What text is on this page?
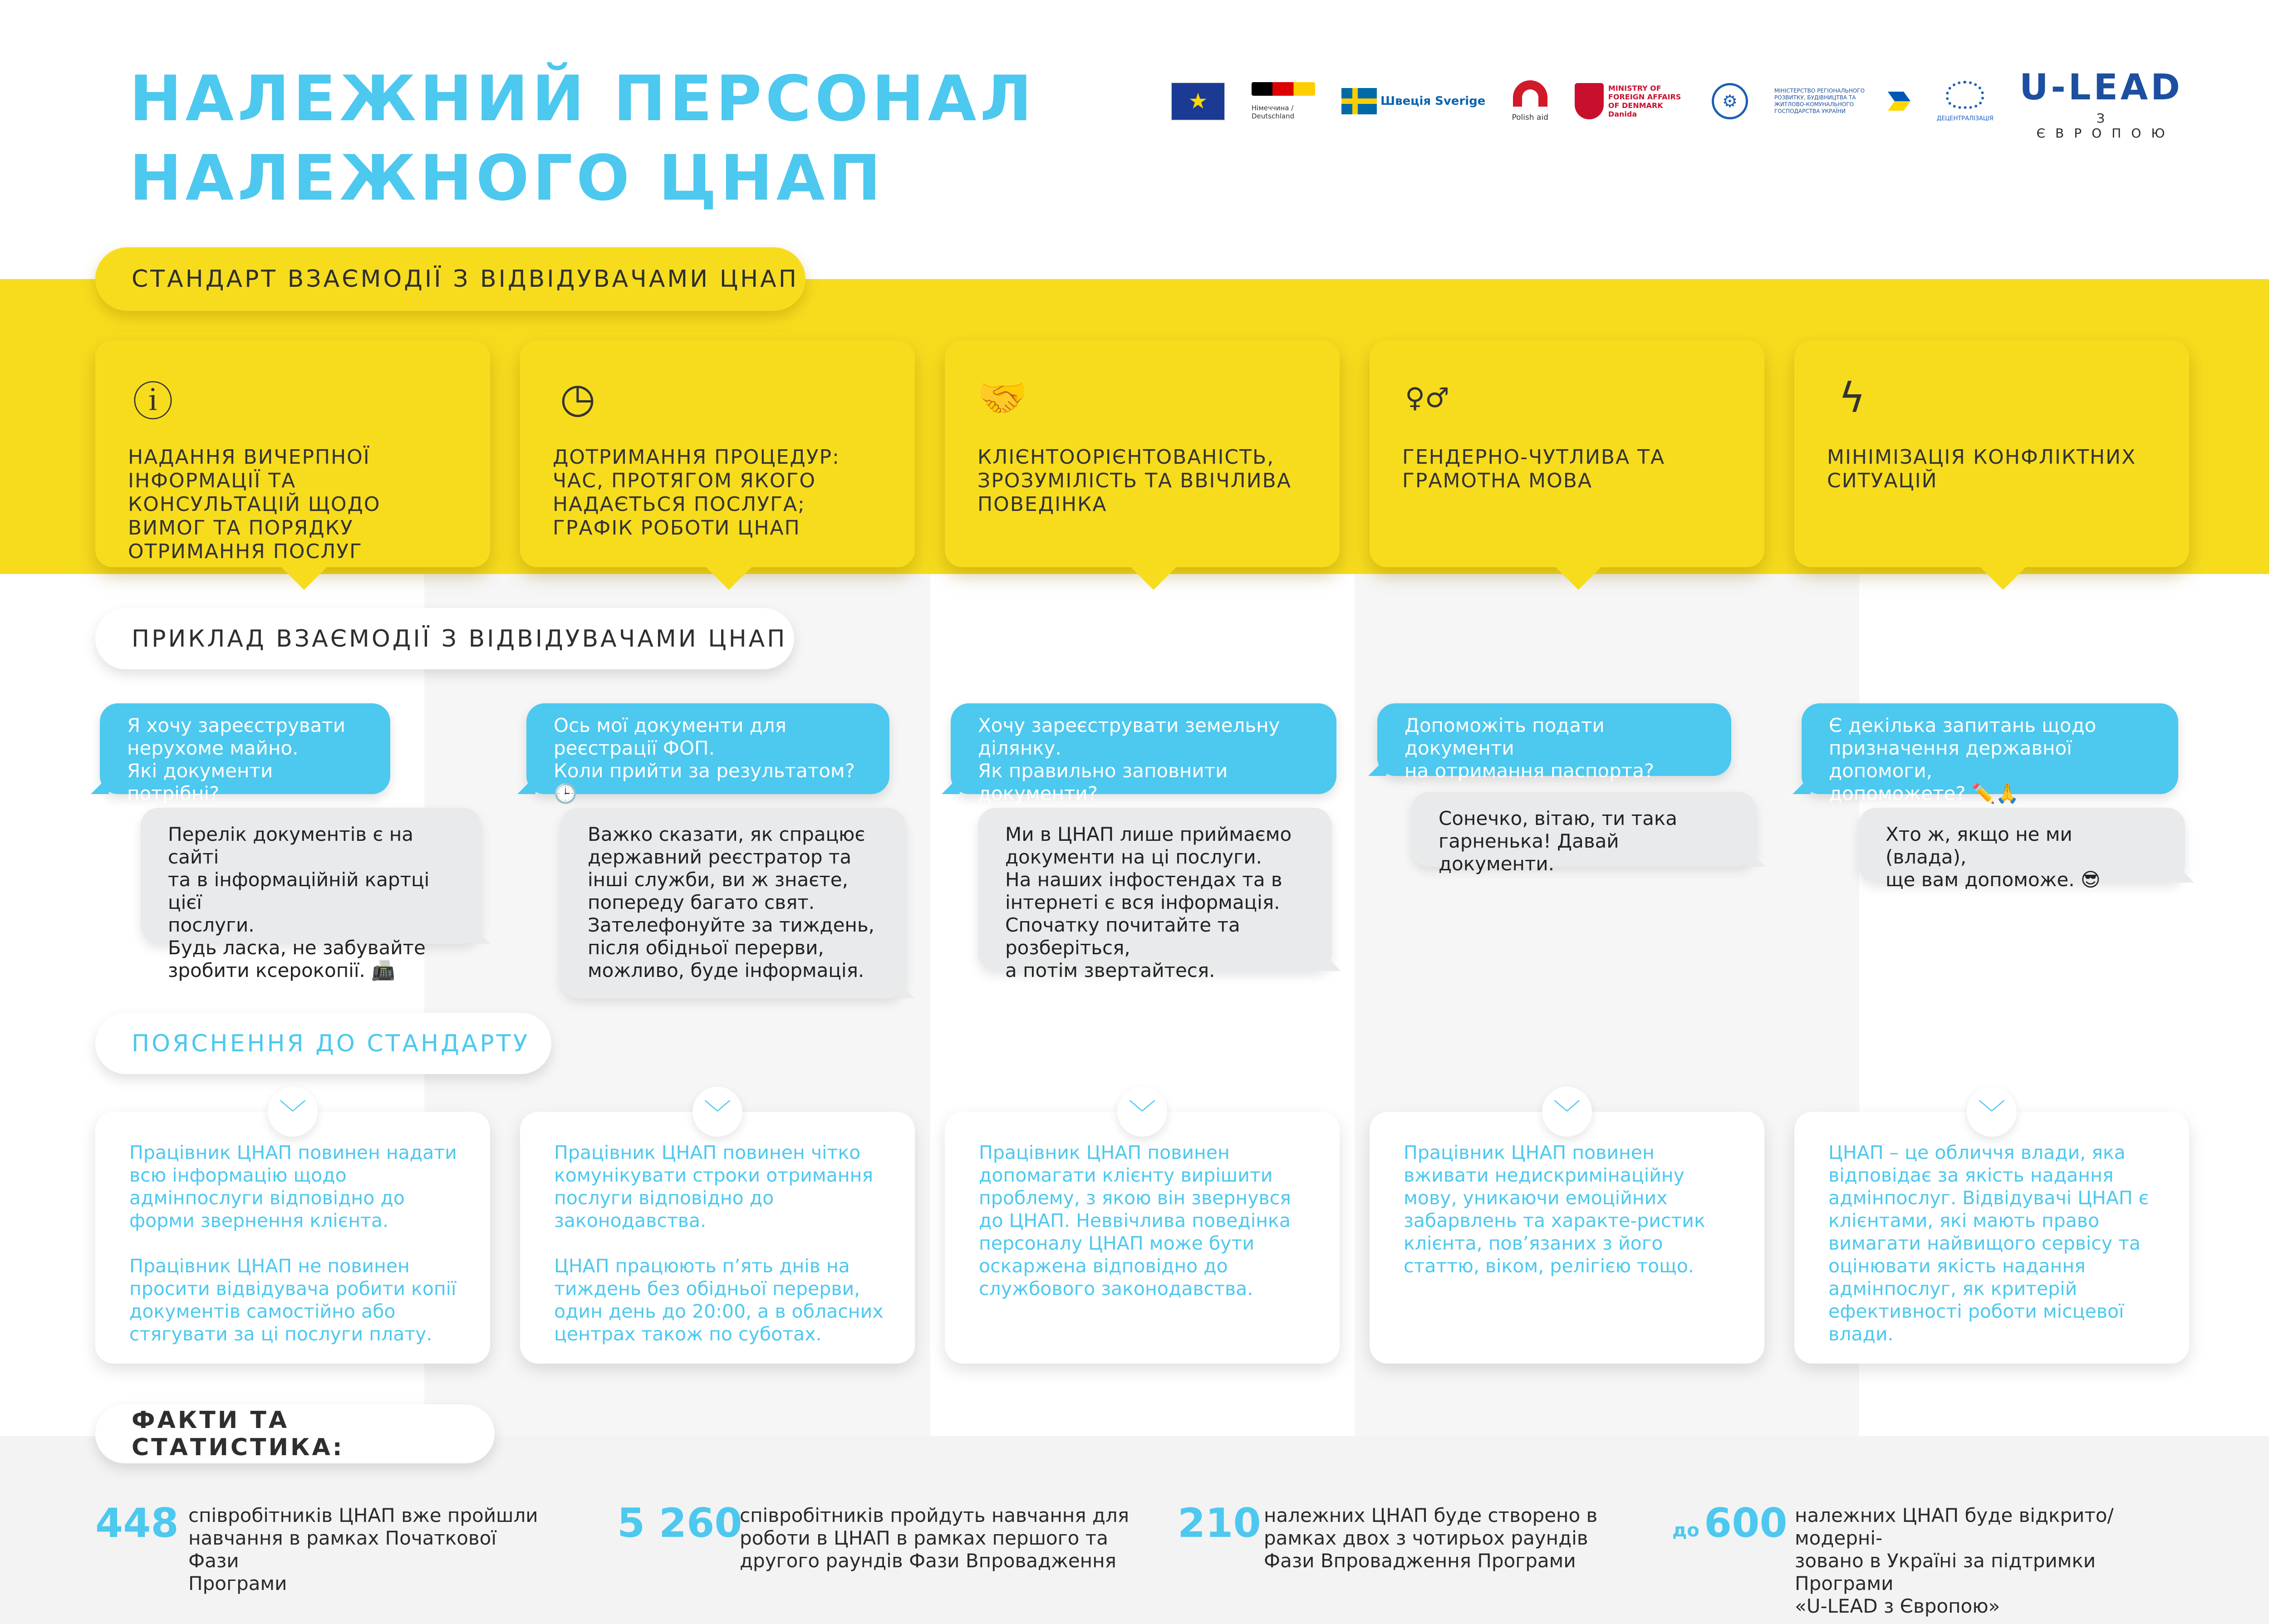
НАЛЕЖНИЙ ПЕРСОНАЛ
НАЛЕЖНОГО ЦНАП
★	Німеччина / Deutschland
Швеція Sverige
Polish aid
MINISTRY OF FOREIGN AFFAIRS OF DENMARK Danida
⚙
МІНІСТЕРСТВО РЕГІОНАЛЬНОГО РОЗВИТКУ, БУДІВНИЦТВА ТА ЖИТЛОВО-КОМУНАЛЬНОГО ГОСПОДАРСТВА УКРАЇНИ
ДЕЦЕНТРАЛІЗАЦІЯ
U-LEAD
З ЄВРОПОЮ
СТАНДАРТ ВЗАЄМОДІЇ З ВІДВІДУВАЧАМИ ЦНАП
ⓘ
НАДАННЯ ВИЧЕРПНОЇ ІНФОРМАЦІЇ ТА КОНСУЛЬТАЦІЙ ЩОДО ВИМОГ ТА ПОРЯДКУ ОТРИМАННЯ ПОСЛУГ
◷
ДОТРИМАННЯ ПРОЦЕДУР: ЧАС, ПРОТЯГОМ ЯКОГО НАДАЄТЬСЯ ПОСЛУГА; ГРАФІК РОБОТИ ЦНАП
🤝
КЛІЄНТООРІЄНТОВАНІСТЬ, ЗРОЗУМІЛІСТЬ ТА ВВІЧЛИВА ПОВЕДІНКА
♀♂
ГЕНДЕРНО-ЧУТЛИВА ТА ГРАМОТНА МОВА
ϟ
МІНІМІЗАЦІЯ КОНФЛІКТНИХ СИТУАЦІЙ
ПРИКЛАД ВЗАЄМОДІЇ З ВІДВІДУВАЧАМИ ЦНАП
Я хочу зареєструвати
нерухоме майно.
Які документи потрібні?
Перелік документів є на сайті
та в інформаційній картці цієї
послуги.
Будь ласка, не забувайте
зробити ксерокопії. 📠
Ось мої документи для
реєстрації ФОП.
Коли прийти за результатом? 🕒
Важко сказати, як спрацює
державний реєстратор та
інші служби, ви ж знаєте,
попереду багато свят.
Зателефонуйте за тиждень,
після обідньої перерви,
можливо, буде інформація.
Хочу зареєструвати земельну
ділянку.
Як правильно заповнити документи?
Ми в ЦНАП лише приймаємо
документи на ці послуги.
На наших інфостендах та в
інтернеті є вся інформація.
Спочатку почитайте та розберіться,
а потім звертайтеся.
Допоможіть подати документи
на отримання паспорта?
Сонечко, вітаю, ти така
гарненька! Давай документи.
Є декілька запитань щодо
призначення державної допомоги,
допоможете? ✏️🙏
Хто ж, якщо не ми (влада),
ще вам допоможе. 😎
ПОЯСНЕННЯ ДО СТАНДАРТУ

Працівник ЦНАП повинен надати всю інформацію щодо адмінпослуги відповідно до форми звернення клієнта.

Працівник ЦНАП не повинен просити відвідувача робити копії документів самостійно або стягувати за ці послуги плату.

Працівник ЦНАП повинен чітко комунікувати строки отримання послуги відповідно до законодавства.

ЦНАП працюють п’ять днів на тиждень без обідньої перерви, один день до 20:00, а в обласних центрах також по суботах.

Працівник ЦНАП повинен допомагати клієнту вирішити проблему, з якою він звернувся до ЦНАП. Неввічлива поведінка персоналу ЦНАП може бути оскаржена відповідно до службового законодавства.

Працівник ЦНАП повинен вживати недискримінаційну мову, уникаючи емоційних забарвлень та характе-ристик клієнта, пов’язаних з його статтю, віком, релігією тощо.

ЦНАП – це обличчя влади, яка відповідає за якість надання адмінпослуг. Відвідувачі ЦНАП є клієнтами, які мають право вимагати найвищого сервісу та оцінювати якість надання адмінпослуг, як критерій ефективності роботи місцевої влади.

﹀	﹀	﹀	﹀	﹀
ФАКТИ ТА СТАТИСТИКА:
448 співробітників ЦНАП вже пройшли
навчання в рамках Початкової Фази
Програми
5 260
співробітників пройдуть навчання для
роботи в ЦНАП в рамках першого та
другого раундів Фази Впровадження
210 належних ЦНАП буде створено в
рамках двох з чотирьох раундів
Фази Впровадження Програми
до 600 належних ЦНАП буде відкрито/модерні-
зовано в Україні за підтримки Програми
«U-LEAD з Європою»
